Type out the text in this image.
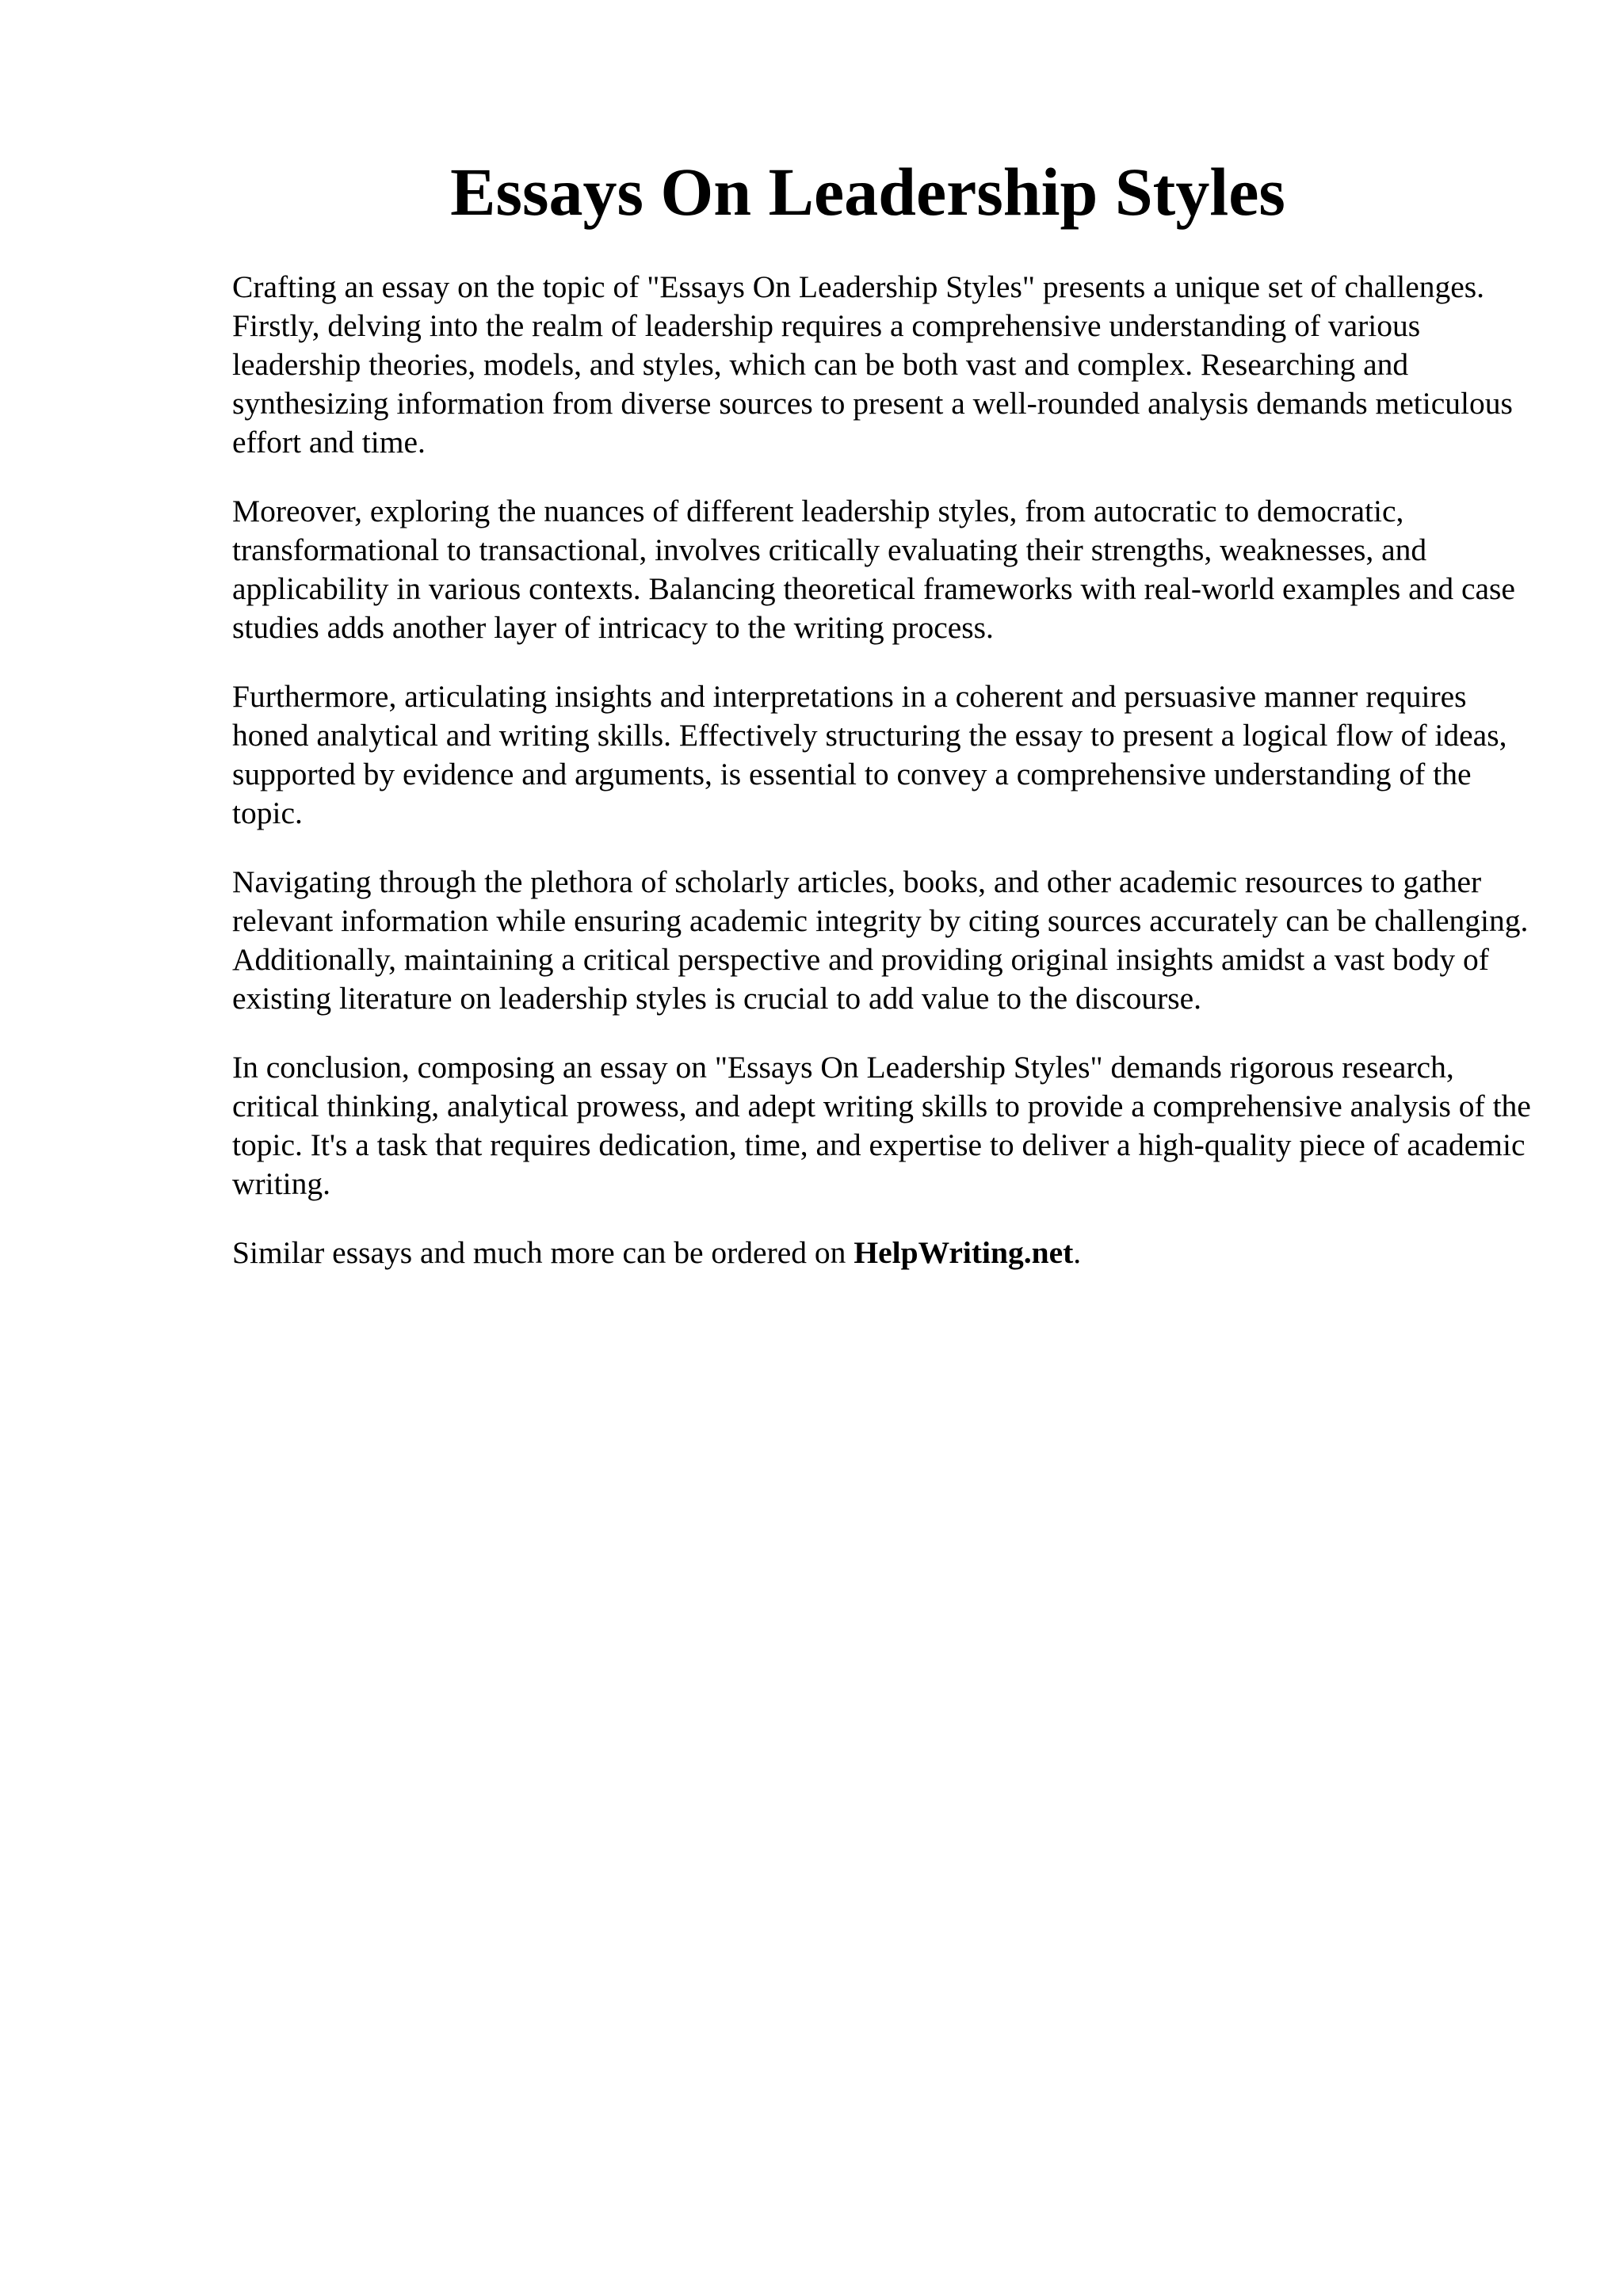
Essays On Leadership Styles

Crafting an essay on the topic of "Essays On Leadership Styles" presents a unique set of challenges. Firstly, delving into the realm of leadership requires a comprehensive understanding of various leadership theories, models, and styles, which can be both vast and complex. Researching and synthesizing information from diverse sources to present a well-rounded analysis demands meticulous effort and time.

Moreover, exploring the nuances of different leadership styles, from autocratic to democratic, transformational to transactional, involves critically evaluating their strengths, weaknesses, and applicability in various contexts. Balancing theoretical frameworks with real-world examples and case studies adds another layer of intricacy to the writing process.

Furthermore, articulating insights and interpretations in a coherent and persuasive manner requires honed analytical and writing skills. Effectively structuring the essay to present a logical flow of ideas, supported by evidence and arguments, is essential to convey a comprehensive understanding of the topic.

Navigating through the plethora of scholarly articles, books, and other academic resources to gather relevant information while ensuring academic integrity by citing sources accurately can be challenging. Additionally, maintaining a critical perspective and providing original insights amidst a vast body of existing literature on leadership styles is crucial to add value to the discourse.

In conclusion, composing an essay on "Essays On Leadership Styles" demands rigorous research, critical thinking, analytical prowess, and adept writing skills to provide a comprehensive analysis of the topic. It's a task that requires dedication, time, and expertise to deliver a high-quality piece of academic writing.

Similar essays and much more can be ordered on HelpWriting.net.
